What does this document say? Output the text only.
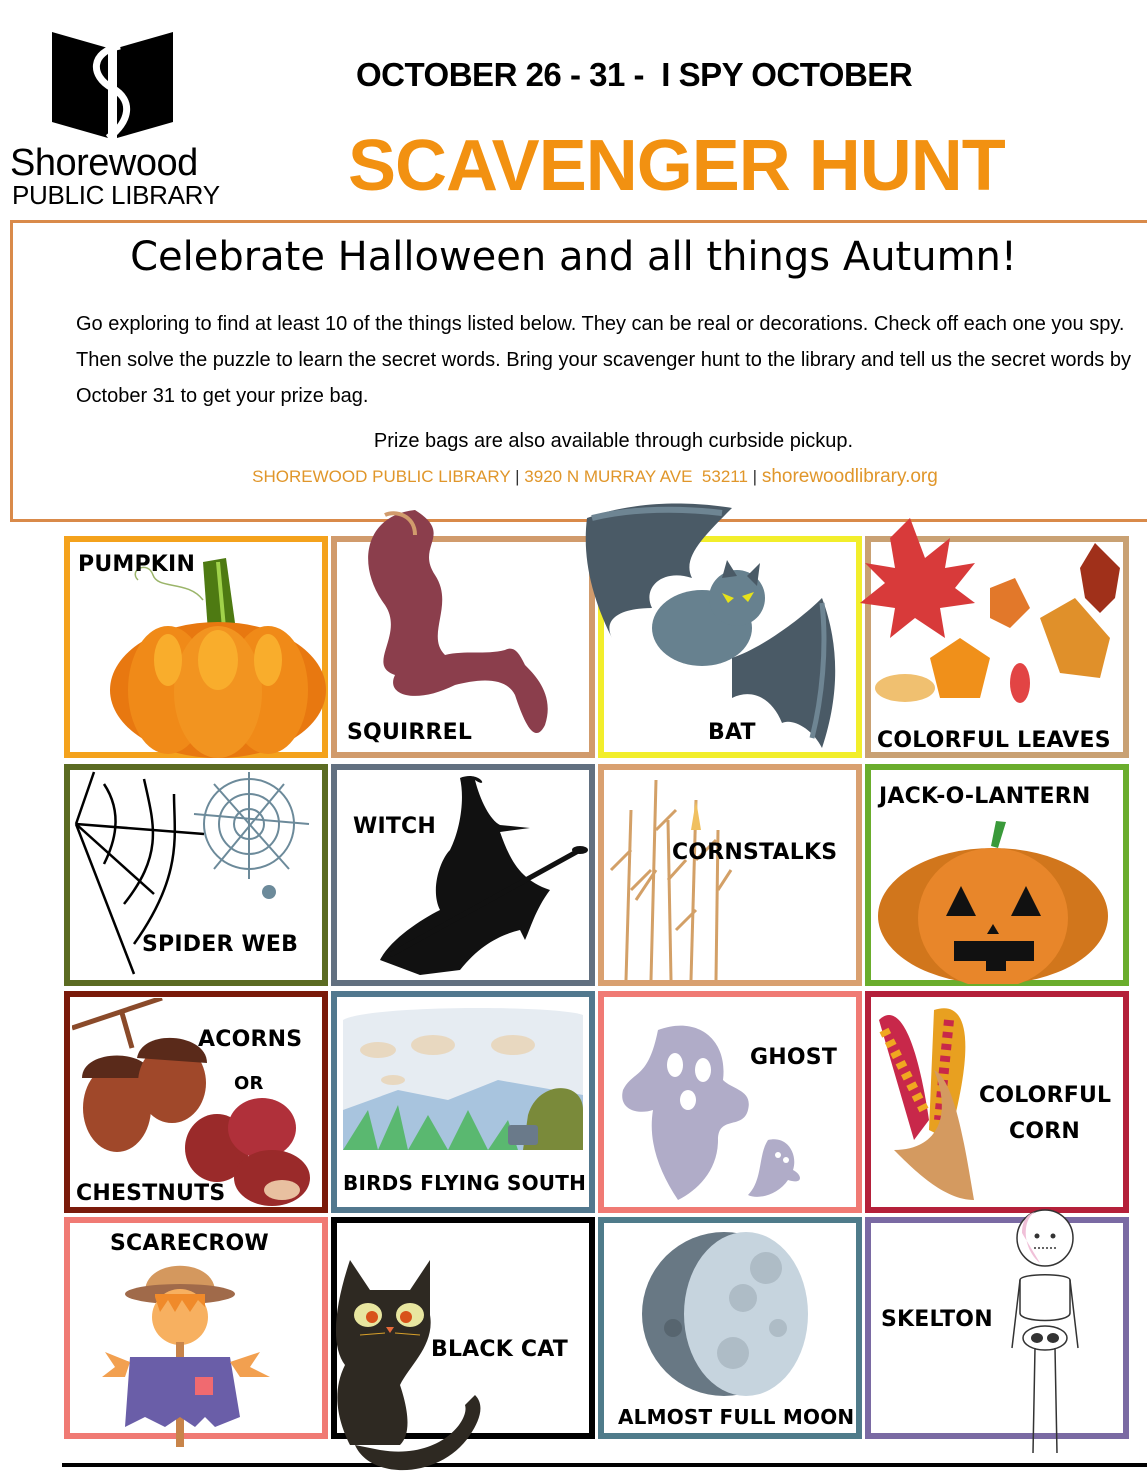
Shorewood
PUBLIC LIBRARY
OCTOBER 26 - 31 -  I SPY OCTOBER
SCAVENGER HUNT
Celebrate Halloween and all things Autumn!
Go exploring to find at least 10 of the things listed below. They can be real or decorations. Check off each one you spy. Then solve the puzzle to learn the secret words. Bring your scavenger hunt to the library and tell us the secret words by October 31 to get your prize bag.
Prize bags are also available through curbside pickup.
SHOREWOOD PUBLIC LIBRARY | 3920 N MURRAY AVE  53211 | shorewoodlibrary.org
PUMPKIN
SQUIRREL	BAT	COLORFUL LEAVES
SPIDER WEB
WITCH
CORNSTALKS
JACK-O-LANTERN
ACORNS
OR
CHESTNUTS	BIRDS FLYING SOUTH
GHOST
COLORFUL
CORN
SCARECROW
BLACK CAT
ALMOST FULL MOON
SKELTON
